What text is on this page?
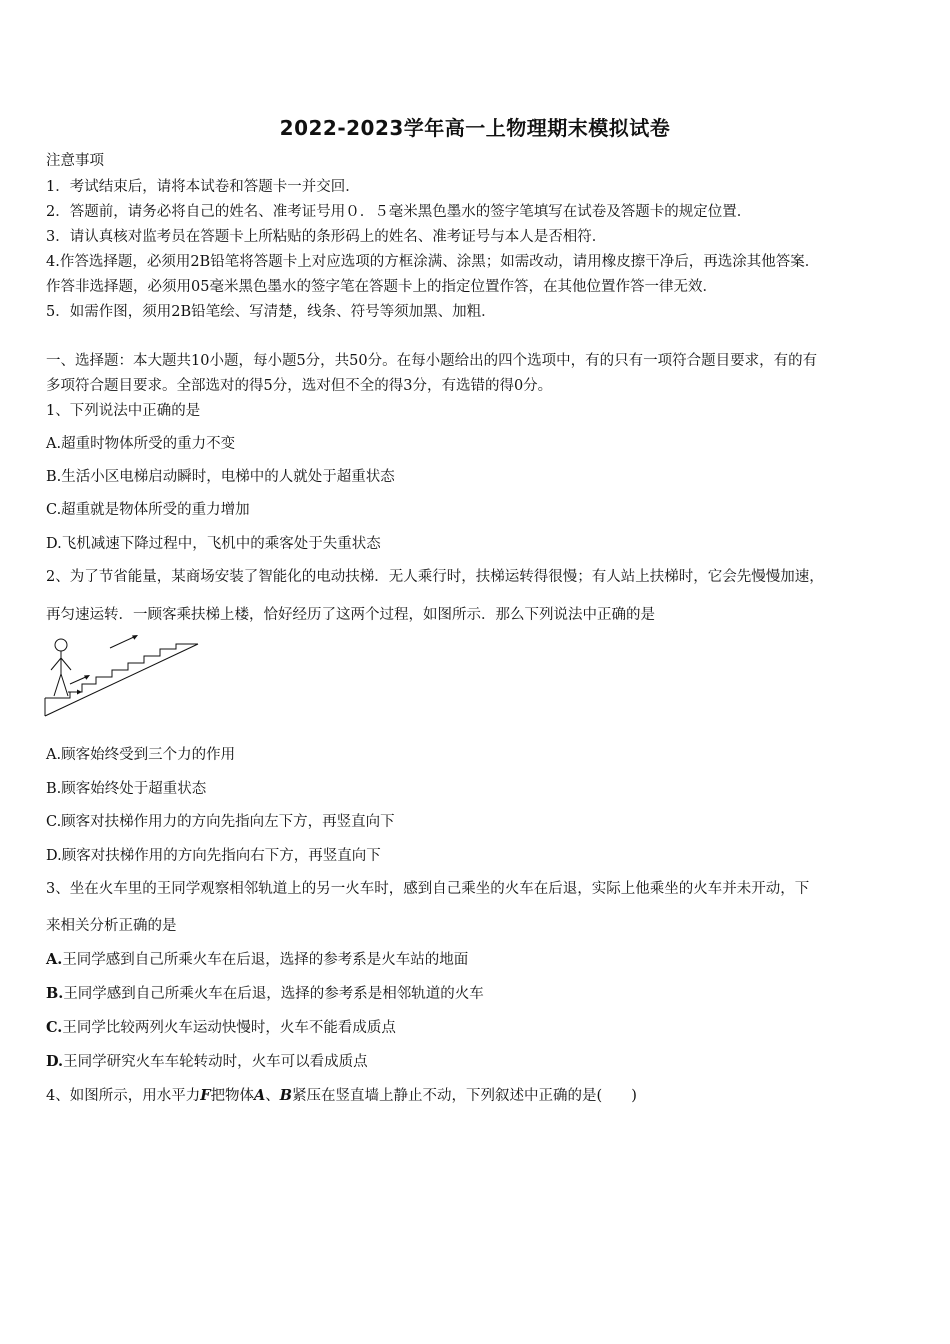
2022-2023学年高一上物理期末模拟试卷
注意事项
1．考试结束后，请将本试卷和答题卡一并交回．
2．答题前，请务必将自己的姓名、准考证号用０．５毫米黑色墨水的签字笔填写在试卷及答题卡的规定位置．
3．请认真核对监考员在答题卡上所粘贴的条形码上的姓名、准考证号与本人是否相符．
4.作答选择题，必须用2B铅笔将答题卡上对应选项的方框涂满、涂黑；如需改动，请用橡皮擦干净后，再选涂其他答案．
作答非选择题，必须用05毫米黑色墨水的签字笔在答题卡上的指定位置作答，在其他位置作答一律无效．
5．如需作图，须用2B铅笔绘、写清楚，线条、符号等须加黑、加粗．
一、选择题：本大题共10小题，每小题5分，共50分。在每小题给出的四个选项中，有的只有一项符合题目要求，有的有
多项符合题目要求。全部选对的得5分，选对但不全的得3分，有选错的得0分。
1、下列说法中正确的是
A.超重时物体所受的重力不变
B.生活小区电梯启动瞬时，电梯中的人就处于超重状态
C.超重就是物体所受的重力增加
D.飞机减速下降过程中，飞机中的乘客处于失重状态
2、为了节省能量，某商场安装了智能化的电动扶梯．无人乘行时，扶梯运转得很慢；有人站上扶梯时，它会先慢慢加速，
再匀速运转．一顾客乘扶梯上楼，恰好经历了这两个过程，如图所示．那么下列说法中正确的是
A.顾客始终受到三个力的作用
B.顾客始终处于超重状态
C.顾客对扶梯作用力的方向先指向左下方，再竖直向下
D.顾客对扶梯作用的方向先指向右下方，再竖直向下
3、坐在火车里的王同学观察相邻轨道上的另一火车时，感到自己乘坐的火车在后退，实际上他乘坐的火车并未开动，下
来相关分析正确的是
A.王同学感到自己所乘火车在后退，选择的参考系是火车站的地面
B.王同学感到自己所乘火车在后退，选择的参考系是相邻轨道的火车
C.王同学比较两列火车运动快慢时，火车不能看成质点
D.王同学研究火车车轮转动时，火车可以看成质点
4、如图所示，用水平力F把物体A、B紧压在竖直墙上静止不动，下列叙述中正确的是(　　)
